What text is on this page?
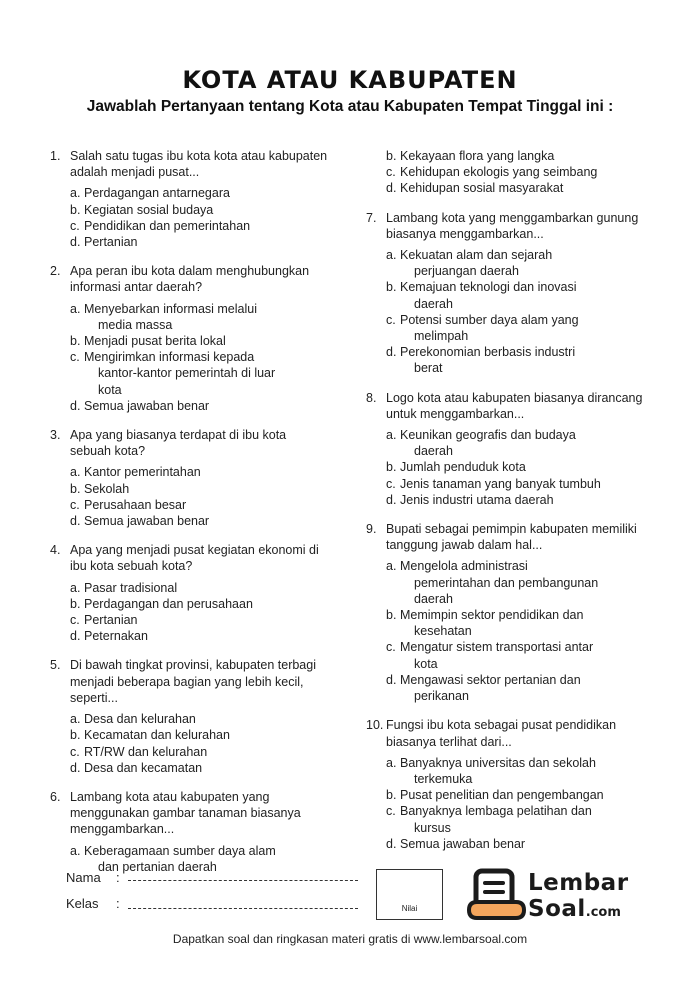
KOTA ATAU KABUPATEN
Jawablah Pertanyaan tentang Kota atau Kabupaten Tempat Tinggal ini :
1. Salah satu tugas ibu kota kota atau kabupaten
adalah menjadi pusat...
a. Perdagangan antarnegara
b. Kegiatan sosial budaya
c. Pendidikan dan pemerintahan
d. Pertanian
2. Apa peran ibu kota dalam menghubungkan
informasi antar daerah?
a. Menyebarkan informasi melalui
media massa
b. Menjadi pusat berita lokal
c. Mengirimkan informasi kepada
kantor-kantor pemerintah di luar
kota
d. Semua jawaban benar
3. Apa yang biasanya terdapat di ibu kota
sebuah kota?
a. Kantor pemerintahan
b. Sekolah
c. Perusahaan besar
d. Semua jawaban benar
4. Apa yang menjadi pusat kegiatan ekonomi di
ibu kota sebuah kota?
a. Pasar tradisional
b. Perdagangan dan perusahaan
c. Pertanian
d. Peternakan
5. Di bawah tingkat provinsi, kabupaten terbagi
menjadi beberapa bagian yang lebih kecil,
seperti...
a. Desa dan kelurahan
b. Kecamatan dan kelurahan
c. RT/RW dan kelurahan
d. Desa dan kecamatan
6. Lambang kota atau kabupaten yang
menggunakan gambar tanaman biasanya
menggambarkan...
a. Keberagamaan sumber daya alam
dan pertanian daerah
b. Kekayaan flora yang langka
c. Kehidupan ekologis yang seimbang
d. Kehidupan sosial masyarakat
7. Lambang kota yang menggambarkan gunung
biasanya menggambarkan...
a. Kekuatan alam dan sejarah
perjuangan daerah
b. Kemajuan teknologi dan inovasi
daerah
c. Potensi sumber daya alam yang
melimpah
d. Perekonomian berbasis industri
berat
8. Logo kota atau kabupaten biasanya dirancang
untuk menggambarkan...
a. Keunikan geografis dan budaya
daerah
b. Jumlah penduduk kota
c. Jenis tanaman yang banyak tumbuh
d. Jenis industri utama daerah
9. Bupati sebagai pemimpin kabupaten memiliki
tanggung jawab dalam hal...
a. Mengelola administrasi
pemerintahan dan pembangunan
daerah
b. Memimpin sektor pendidikan dan
kesehatan
c. Mengatur sistem transportasi antar
kota
d. Mengawasi sektor pertanian dan
perikanan
10. Fungsi ibu kota sebagai pusat pendidikan
biasanya terlihat dari...
a. Banyaknya universitas dan sekolah
terkemuka
b. Pusat penelitian dan pengembangan
c. Banyaknya lembaga pelatihan dan
kursus
d. Semua jawaban benar
Nama :
Kelas :	Nilai
Lembar
Soal.com
Dapatkan soal dan ringkasan materi gratis di www.lembarsoal.com
